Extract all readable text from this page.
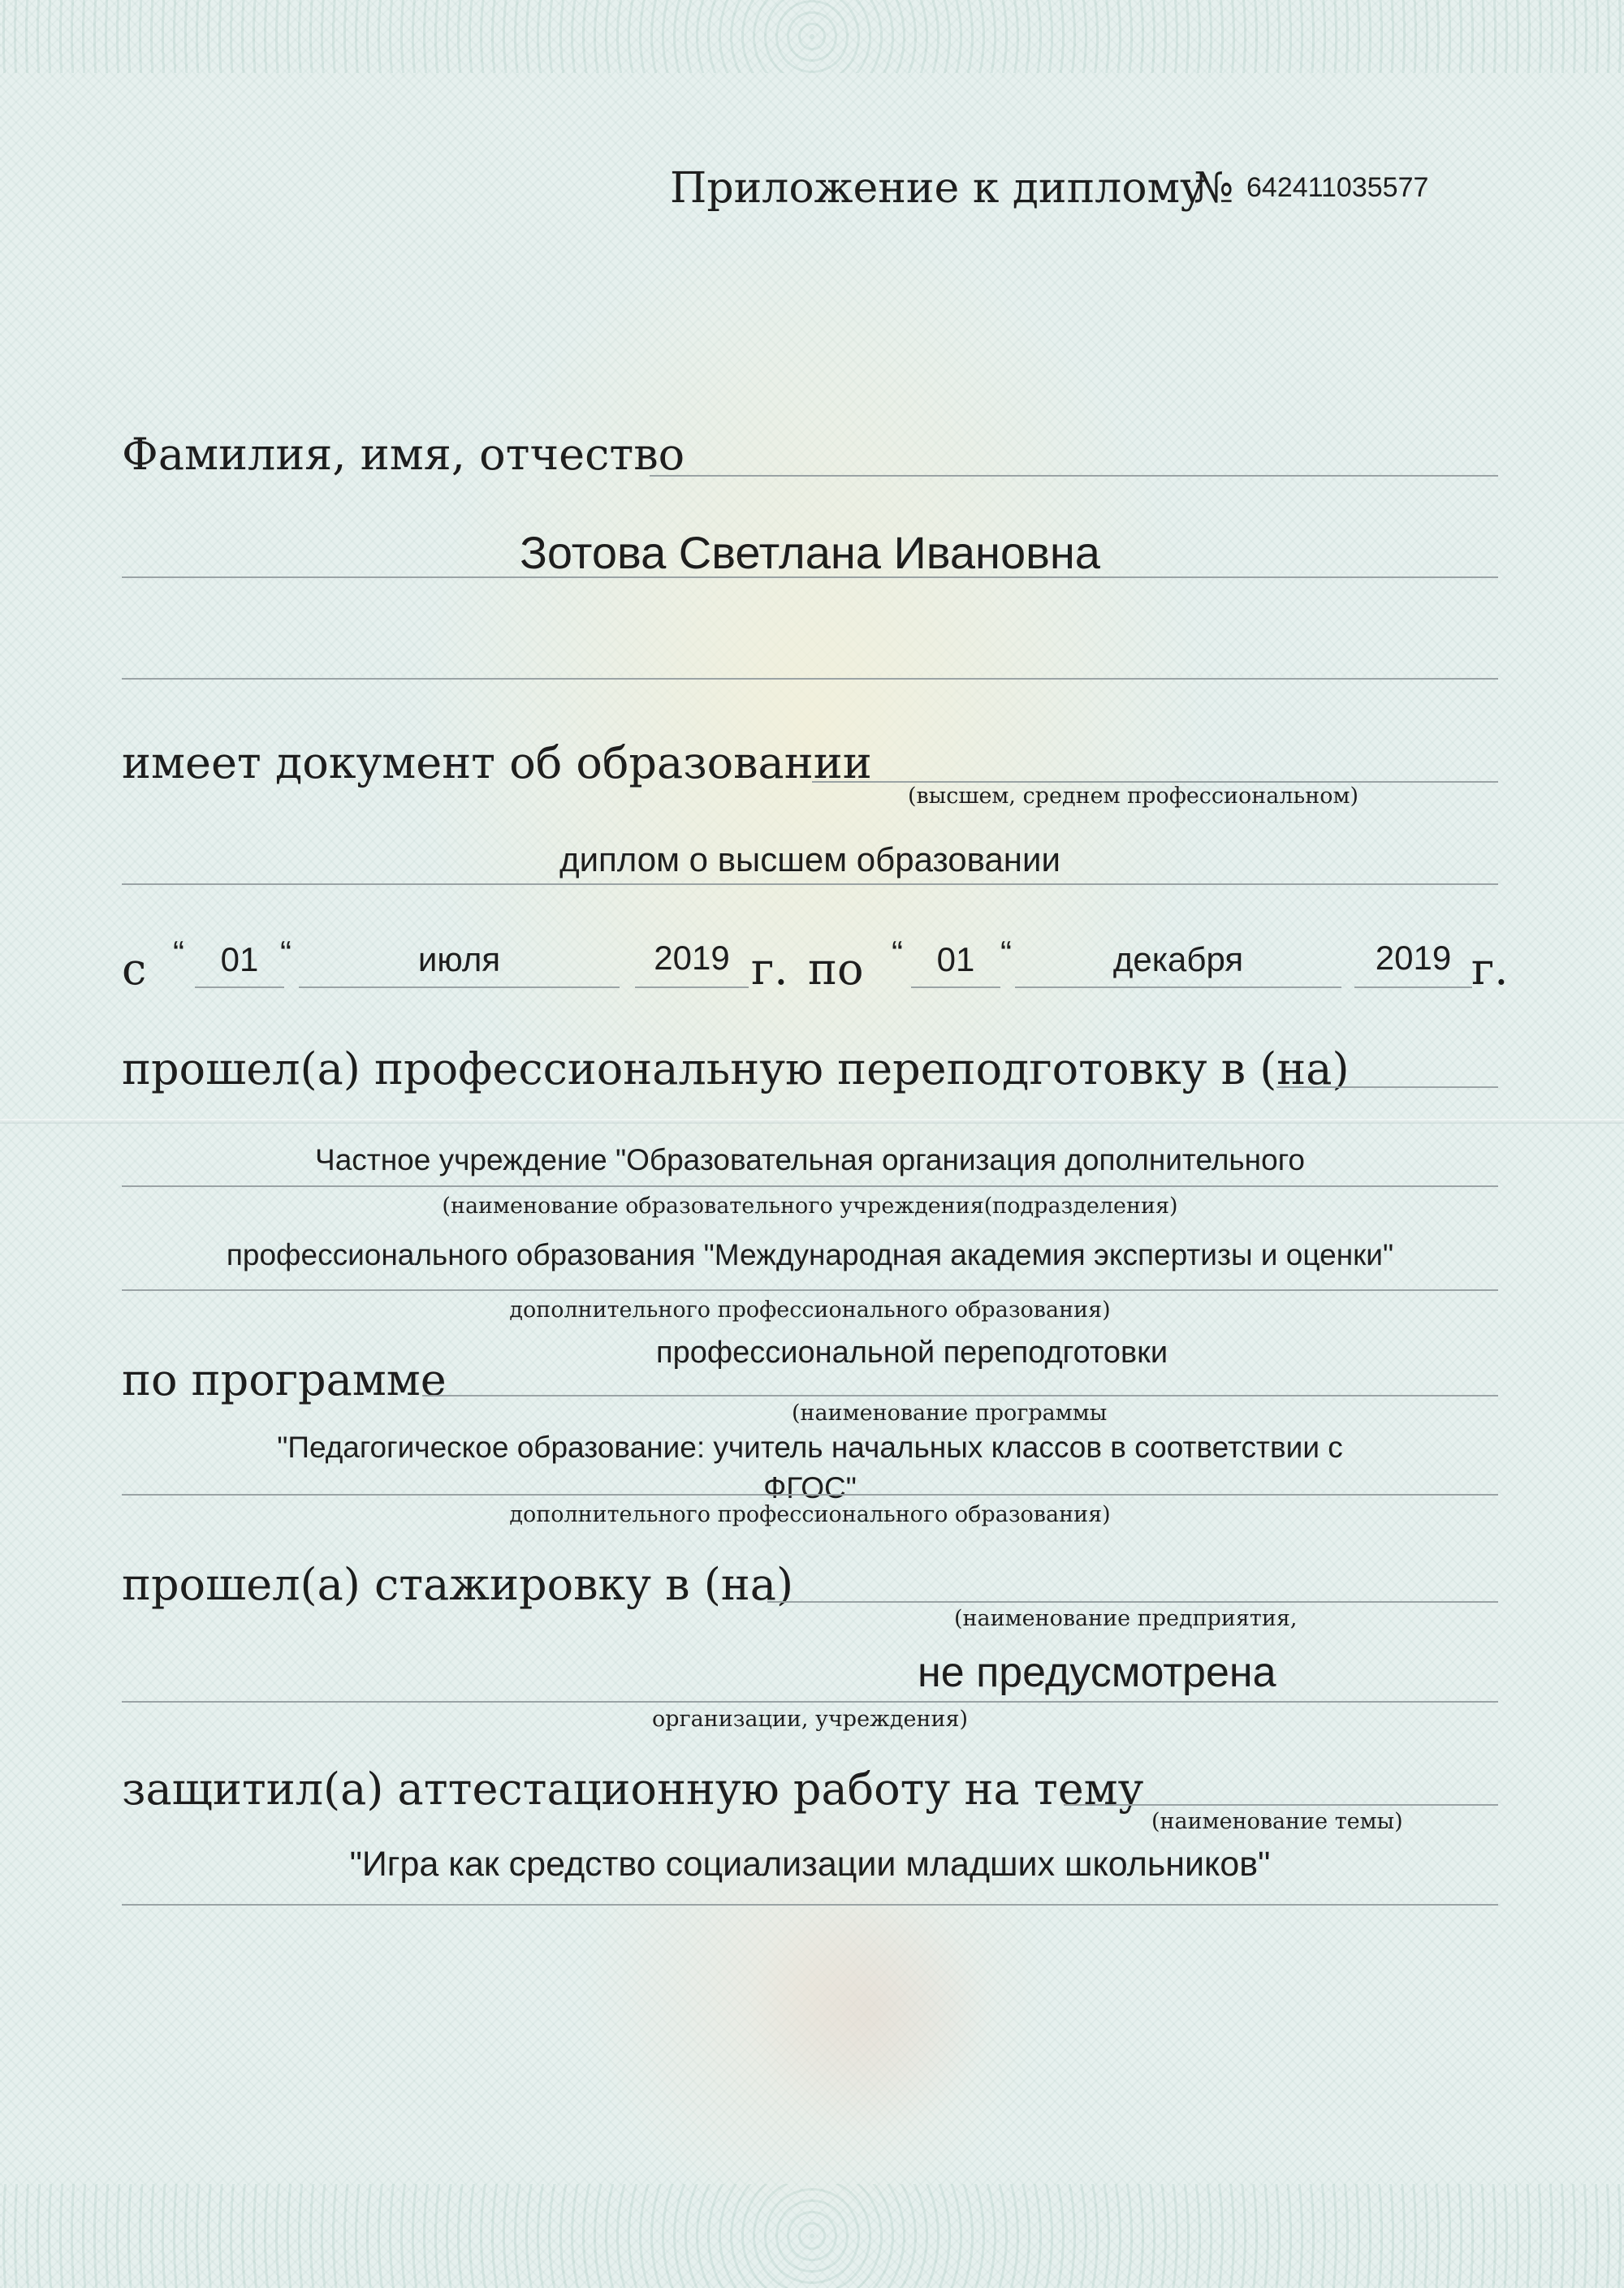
Приложение к диплому
№ 642411035577
Фамилия, имя, отчество
Зотова Светлана Ивановна
имеет документ об образовании
(высшем, среднем профессиональном)
диплом о высшем образовании
с “	01 “	июля	2019 г. по “ 01 “	декабря	2019 г.
прошел(а) профессиональную переподготовку в (на)
Частное учреждение "Образовательная организация дополнительного
(наименование образовательного учреждения(подразделения)
профессионального образования "Международная академия экспертизы и оценки"
дополнительного профессионального образования)
по программе
профессиональной переподготовки
(наименование программы
"Педагогическое образование: учитель начальных классов в соответствии с
ФГОС"
дополнительного профессионального образования)
прошел(а) стажировку в (на)
(наименование предприятия,
не предусмотрена
организации, учреждения)
защитил(а) аттестационную работу на тему
(наименование темы)
"Игра как средство социализации младших школьников"
